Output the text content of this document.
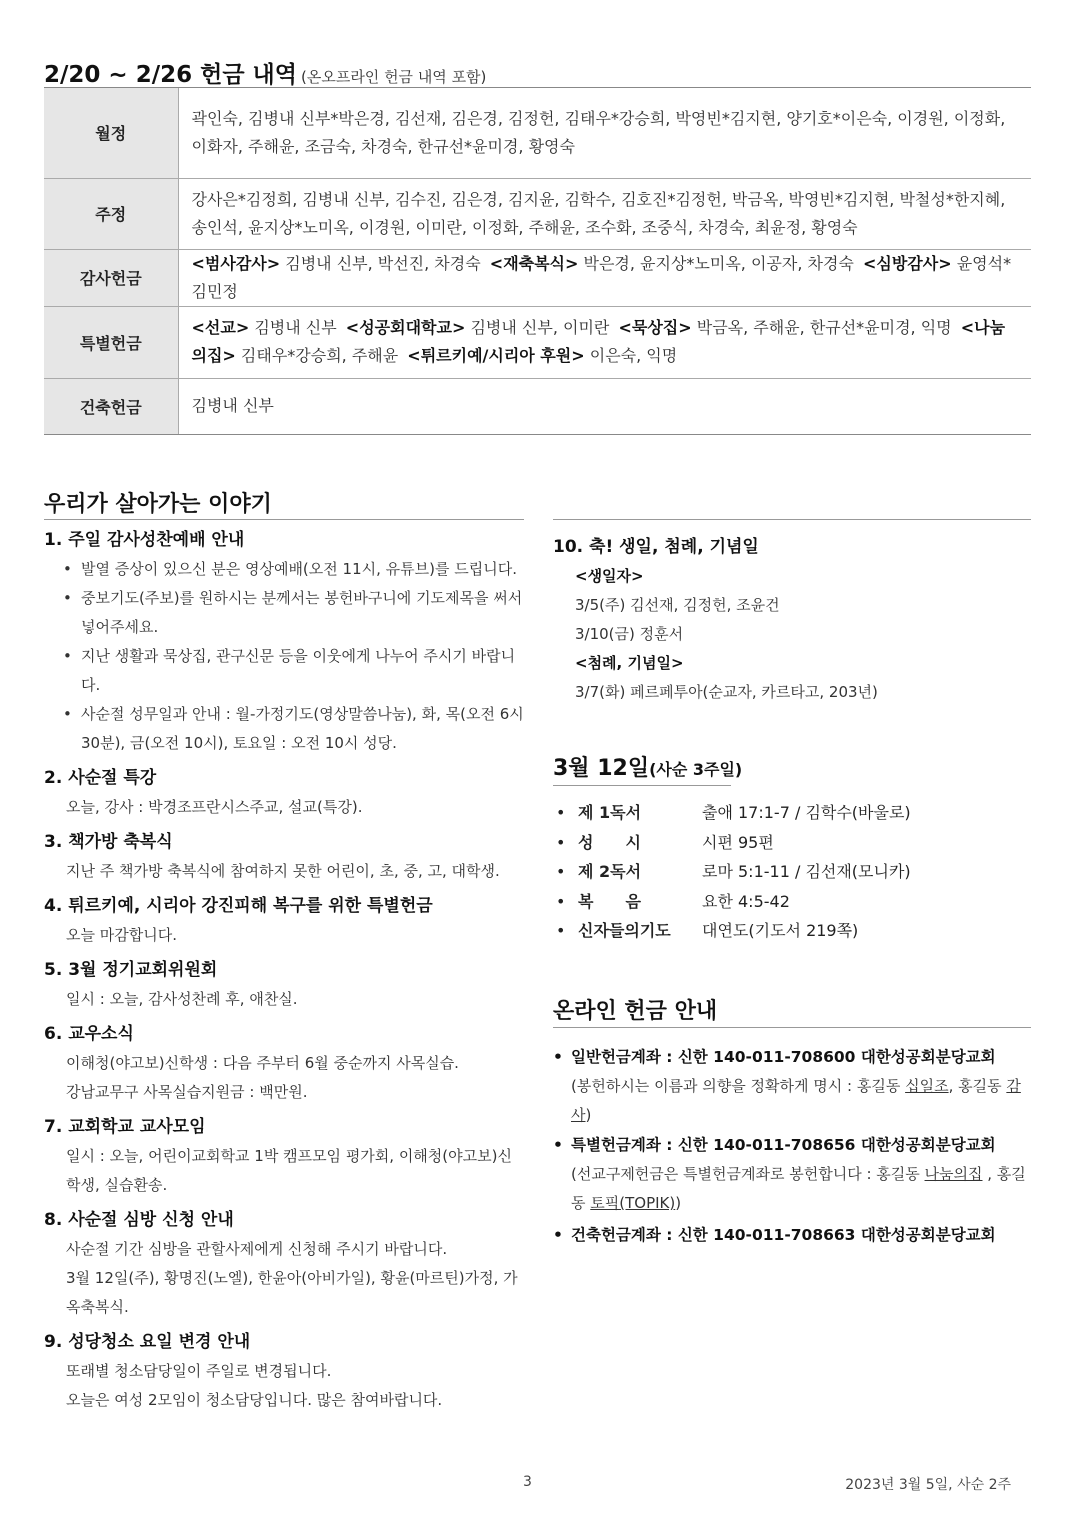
2/20 ~ 2/26 헌금 내역 (온오프라인 헌금 내역 포함)
월정	곽인숙, 김병내 신부*박은경, 김선재, 김은경, 김정헌, 김태우*강승희, 박영빈*김지현, 양기호*이은숙, 이경원, 이정화, 이화자, 주해윤, 조금숙, 차경숙, 한규선*윤미경, 황영숙
주정	강사은*김정희, 김병내 신부, 김수진, 김은경, 김지윤, 김학수, 김호진*김정헌, 박금옥, 박영빈*김지현, 박철성*한지혜, 송인석, 윤지상*노미옥, 이경원, 이미란, 이정화, 주해윤, 조수화, 조중식, 차경숙, 최윤정, 황영숙
감사헌금	<범사감사> 김병내 신부, 박선진, 차경숙 <재축복식> 박은경, 윤지상*노미옥, 이공자, 차경숙 <심방감사> 윤영석*김민정
특별헌금	<선교> 김병내 신부 <성공회대학교> 김병내 신부, 이미란 <묵상집> 박금옥, 주해윤, 한규선*윤미경, 익명 <나눔의집> 김태우*강승희, 주해윤 <튀르키예/시리아 후원> 이은숙, 익명
건축헌금	김병내 신부
우리가 살아가는 이야기
1. 주일 감사성찬예배 안내
• 발열 증상이 있으신 분은 영상예배(오전 11시, 유튜브)를 드립니다.
• 중보기도(주보)를 원하시는 분께서는 봉헌바구니에 기도제목을 써서 넣어주세요.
• 지난 생활과 묵상집, 관구신문 등을 이웃에게 나누어 주시기 바랍니다.
• 사순절 성무일과 안내 : 월-가정기도(영상말씀나눔), 화, 목(오전 6시 30분), 금(오전 10시), 토요일 : 오전 10시 성당.
2. 사순절 특강
오늘, 강사 : 박경조프란시스주교, 설교(특강).
3. 책가방 축복식
지난 주 책가방 축복식에 참여하지 못한 어린이, 초, 중, 고, 대학생.
4. 튀르키예, 시리아 강진피해 복구를 위한 특별헌금
오늘 마감합니다.
5. 3월 정기교회위원회
일시 : 오늘, 감사성찬례 후, 애찬실.
6. 교우소식
이해청(야고보)신학생 : 다음 주부터 6월 중순까지 사목실습.
강남교무구 사목실습지원금 : 백만원.
7. 교회학교 교사모임
일시 : 오늘, 어린이교회학교 1박 캠프모임 평가회, 이해청(야고보)신학생, 실습환송.
8. 사순절 심방 신청 안내
사순절 기간 심방을 관할사제에게 신청해 주시기 바랍니다.
3월 12일(주), 황명진(노엘), 한윤아(아비가일), 황윤(마르틴)가정, 가옥축복식.
9. 성당청소 요일 변경 안내
또래별 청소담당일이 주일로 변경됩니다.
오늘은 여성 2모임이 청소담당입니다. 많은 참여바랍니다.
10. 축! 생일, 첨례, 기념일
<생일자>
3/5(주) 김선재, 김정헌, 조윤건
3/10(금) 정훈서
<첨례, 기념일>
3/7(화) 페르페투아(순교자, 카르타고, 203년)
3월 12일(사순 3주일)
•	제 1독서	출애 17:1-7 / 김학수(바울로)
•	성　　시	시편 95편
•	제 2독서	로마 5:1-11 / 김선재(모니카)
•	복　　음	요한 4:5-42
•	신자들의기도	대연도(기도서 219쪽)
온라인 헌금 안내
• 일반헌금계좌 : 신한 140-011-708600 대한성공회분당교회
(봉헌하시는 이름과 의향을 정확하게 명시 : 홍길동 십일조, 홍길동 감사)
• 특별헌금계좌 : 신한 140-011-708656 대한성공회분당교회
(선교구제헌금은 특별헌금계좌로 봉헌합니다 : 홍길동 나눔의집 , 홍길동 토픽(TOPIK))
• 건축헌금계좌 : 신한 140-011-708663 대한성공회분당교회
3	2023년 3월 5일, 사순 2주
